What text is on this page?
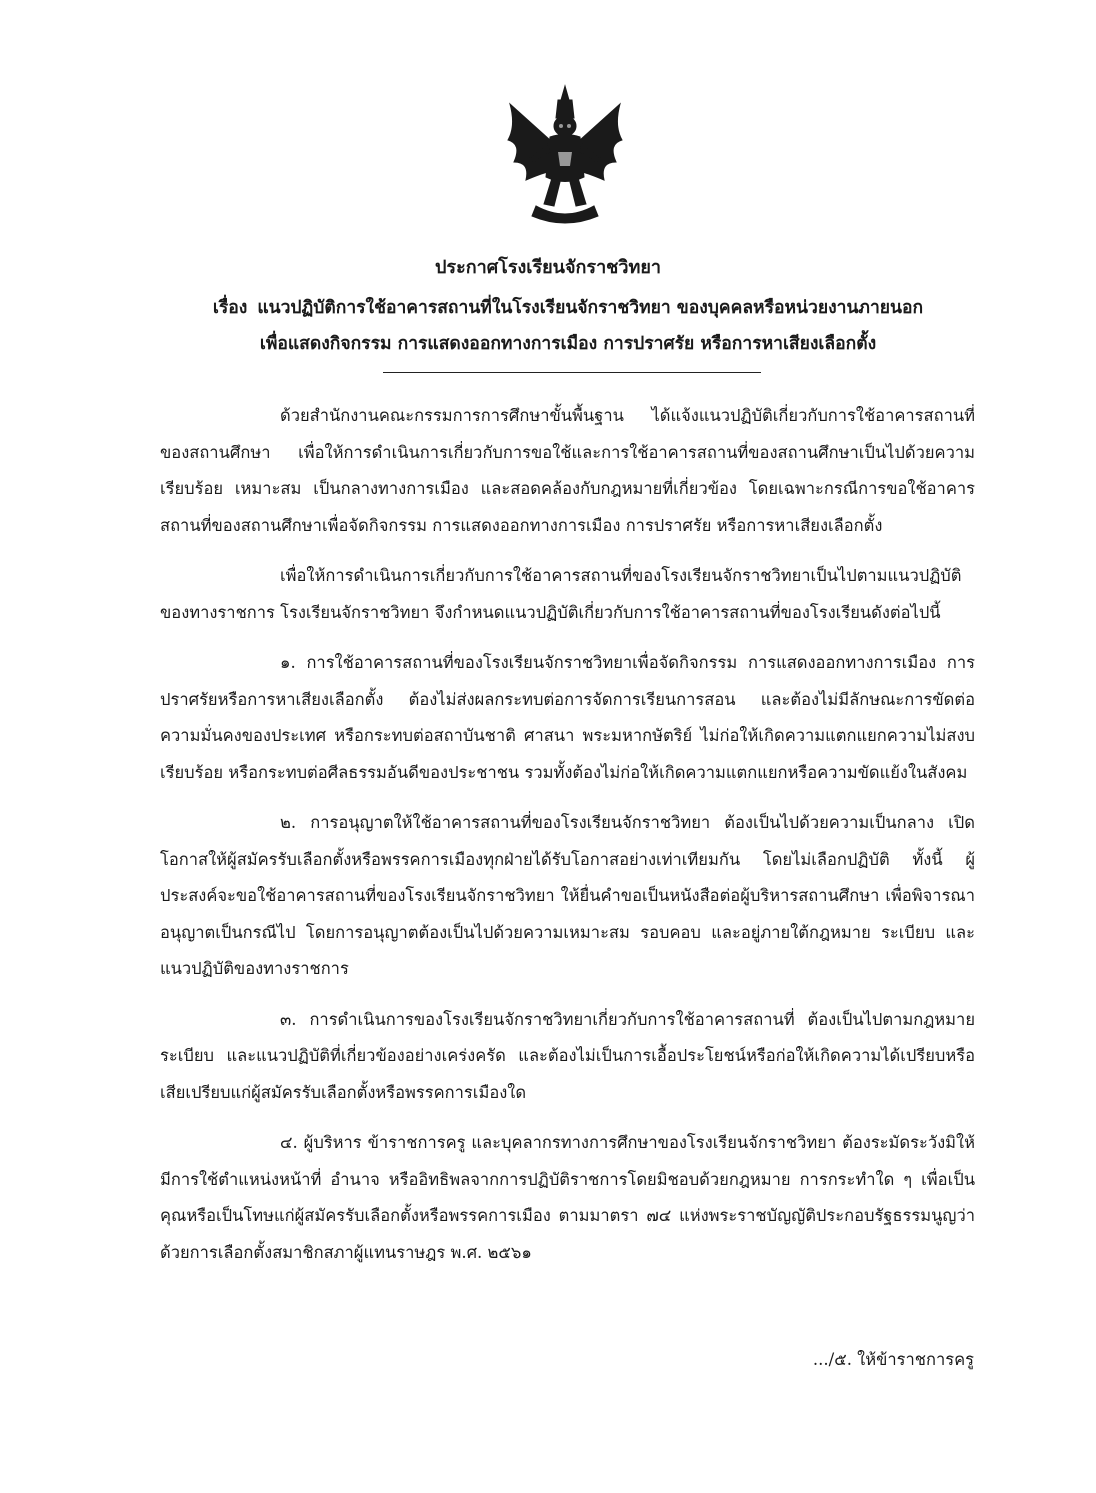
ประกาศโรงเรียนจักราชวิทยา
เรื่อง แนวปฏิบัติการใช้อาคารสถานที่ในโรงเรียนจักราชวิทยา ของบุคคลหรือหน่วยงานภายนอก
เพื่อแสดงกิจกรรม การแสดงออกทางการเมือง การปราศรัย หรือการหาเสียงเลือกตั้ง

ด้วยสำนักงานคณะกรรมการการศึกษาขั้นพื้นฐาน ได้แจ้งแนวปฏิบัติเกี่ยวกับการใช้อาคารสถานที่ของสถานศึกษา เพื่อให้การดำเนินการเกี่ยวกับการขอใช้และการใช้อาคารสถานที่ของสถานศึกษาเป็นไปด้วยความเรียบร้อย เหมาะสม เป็นกลางทางการเมือง และสอดคล้องกับกฎหมายที่เกี่ยวข้อง โดยเฉพาะกรณีการขอใช้อาคารสถานที่ของสถานศึกษาเพื่อจัดกิจกรรม การแสดงออกทางการเมือง การปราศรัย หรือการหาเสียงเลือกตั้ง

เพื่อให้การดำเนินการเกี่ยวกับการใช้อาคารสถานที่ของโรงเรียนจักราชวิทยาเป็นไปตามแนวปฏิบัติของทางราชการ โรงเรียนจักราชวิทยา จึงกำหนดแนวปฏิบัติเกี่ยวกับการใช้อาคารสถานที่ของโรงเรียนดังต่อไปนี้

๑. การใช้อาคารสถานที่ของโรงเรียนจักราชวิทยาเพื่อจัดกิจกรรม การแสดงออกทางการเมือง การปราศรัยหรือการหาเสียงเลือกตั้ง ต้องไม่ส่งผลกระทบต่อการจัดการเรียนการสอน และต้องไม่มีลักษณะการขัดต่อความมั่นคงของประเทศ หรือกระทบต่อสถาบันชาติ ศาสนา พระมหากษัตริย์ ไม่ก่อให้เกิดความแตกแยกความไม่สงบเรียบร้อย หรือกระทบต่อศีลธรรมอันดีของประชาชน รวมทั้งต้องไม่ก่อให้เกิดความแตกแยกหรือความขัดแย้งในสังคม

๒. การอนุญาตให้ใช้อาคารสถานที่ของโรงเรียนจักราชวิทยา ต้องเป็นไปด้วยความเป็นกลาง เปิดโอกาสให้ผู้สมัครรับเลือกตั้งหรือพรรคการเมืองทุกฝ่ายได้รับโอกาสอย่างเท่าเทียมกัน โดยไม่เลือกปฏิบัติ ทั้งนี้ ผู้ประสงค์จะขอใช้อาคารสถานที่ของโรงเรียนจักราชวิทยา ให้ยื่นคำขอเป็นหนังสือต่อผู้บริหารสถานศึกษา เพื่อพิจารณาอนุญาตเป็นกรณีไป โดยการอนุญาตต้องเป็นไปด้วยความเหมาะสม รอบคอบ และอยู่ภายใต้กฎหมาย ระเบียบ และแนวปฏิบัติของทางราชการ

๓. การดำเนินการของโรงเรียนจักราชวิทยาเกี่ยวกับการใช้อาคารสถานที่ ต้องเป็นไปตามกฎหมาย ระเบียบ และแนวปฏิบัติที่เกี่ยวข้องอย่างเคร่งครัด และต้องไม่เป็นการเอื้อประโยชน์หรือก่อให้เกิดความได้เปรียบหรือเสียเปรียบแก่ผู้สมัครรับเลือกตั้งหรือพรรคการเมืองใด

๔. ผู้บริหาร ข้าราชการครู และบุคลากรทางการศึกษาของโรงเรียนจักราชวิทยา ต้องระมัดระวังมิให้มีการใช้ตำแหน่งหน้าที่ อำนาจ หรืออิทธิพลจากการปฏิบัติราชการโดยมิชอบด้วยกฎหมาย การกระทำใด ๆ เพื่อเป็นคุณหรือเป็นโทษแก่ผู้สมัครรับเลือกตั้งหรือพรรคการเมือง ตามมาตรา ๗๔ แห่งพระราชบัญญัติประกอบรัฐธรรมนูญว่าด้วยการเลือกตั้งสมาชิกสภาผู้แทนราษฎร พ.ศ. ๒๕๖๑

.../๕. ให้ข้าราชการครู
